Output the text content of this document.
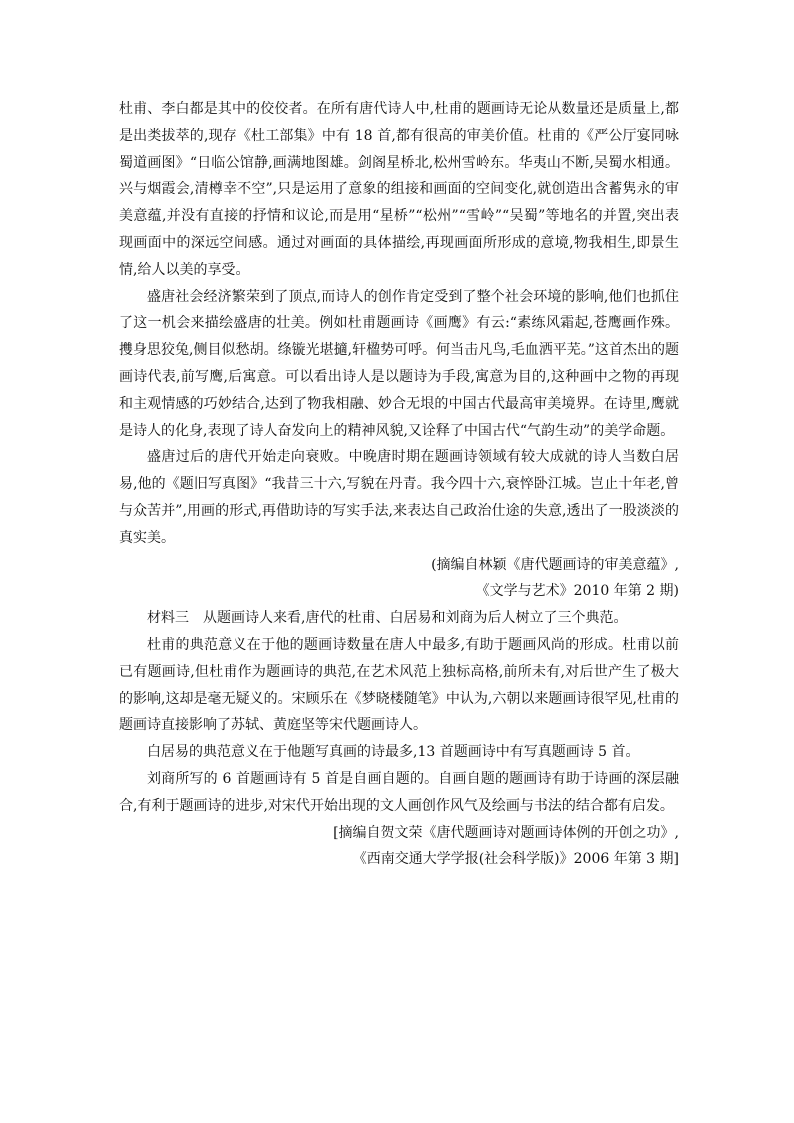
杜甫、李白都是其中的佼佼者。在所有唐代诗人中,杜甫的题画诗无论从数量还是质量上,都是出类拔萃的,现存《杜工部集》中有 18 首,都有很高的审美价值。杜甫的《严公厅宴同咏蜀道画图》“日临公馆静,画满地图雄。剑阁星桥北,松州雪岭东。华夷山不断,吴蜀水相通。兴与烟霞会,清樽幸不空”,只是运用了意象的组接和画面的空间变化,就创造出含蓄隽永的审美意蕴,并没有直接的抒情和议论,而是用“星桥”“松州”“雪岭”“吴蜀”等地名的并置,突出表现画面中的深远空间感。通过对画面的具体描绘,再现画面所形成的意境,物我相生,即景生情,给人以美的享受。

盛唐社会经济繁荣到了顶点,而诗人的创作肯定受到了整个社会环境的影响,他们也抓住了这一机会来描绘盛唐的壮美。例如杜甫题画诗《画鹰》有云:“素练风霜起,苍鹰画作殊。㩳身思狡兔,侧目似愁胡。绦镟光堪擿,轩楹势可呼。何当击凡鸟,毛血洒平芜。”这首杰出的题画诗代表,前写鹰,后寓意。可以看出诗人是以题诗为手段,寓意为目的,这种画中之物的再现和主观情感的巧妙结合,达到了物我相融、妙合无垠的中国古代最高审美境界。在诗里,鹰就是诗人的化身,表现了诗人奋发向上的精神风貌,又诠释了中国古代“气韵生动”的美学命题。

盛唐过后的唐代开始走向衰败。中晚唐时期在题画诗领域有较大成就的诗人当数白居易,他的《题旧写真图》“我昔三十六,写貌在丹青。我今四十六,衰悴卧江城。岂止十年老,曾与众苦并”,用画的形式,再借助诗的写实手法,来表达自己政治仕途的失意,透出了一股淡淡的真实美。

(摘编自林颖《唐代题画诗的审美意蕴》,

《文学与艺术》2010 年第 2 期)

材料三　从题画诗人来看,唐代的杜甫、白居易和刘商为后人树立了三个典范。

杜甫的典范意义在于他的题画诗数量在唐人中最多,有助于题画风尚的形成。杜甫以前已有题画诗,但杜甫作为题画诗的典范,在艺术风范上独标高格,前所未有,对后世产生了极大的影响,这却是毫无疑义的。宋顾乐在《梦晓楼随笔》中认为,六朝以来题画诗很罕见,杜甫的题画诗直接影响了苏轼、黄庭坚等宋代题画诗人。

白居易的典范意义在于他题写真画的诗最多,13 首题画诗中有写真题画诗 5 首。

刘商所写的 6 首题画诗有 5 首是自画自题的。自画自题的题画诗有助于诗画的深层融合,有利于题画诗的进步,对宋代开始出现的文人画创作风气及绘画与书法的结合都有启发。

[摘编自贺文荣《唐代题画诗对题画诗体例的开创之功》,

《西南交通大学学报(社会科学版)》2006 年第 3 期]
